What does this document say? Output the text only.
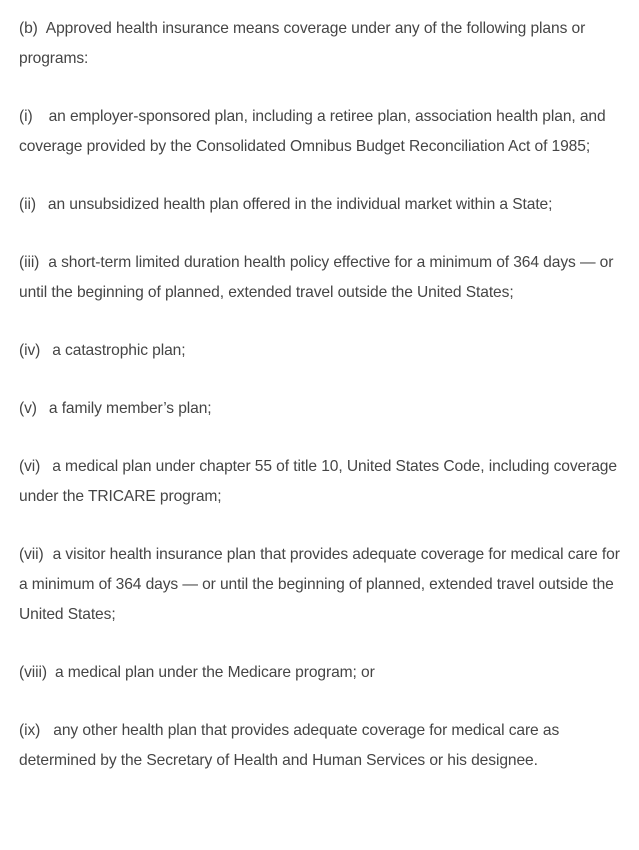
(b) Approved health insurance means coverage under any of the following plans or programs:

(i) an employer-sponsored plan, including a retiree plan, association health plan, and coverage provided by the Consolidated Omnibus Budget Reconciliation Act of 1985;

(ii) an unsubsidized health plan offered in the individual market within a State;

(iii) a short-term limited duration health policy effective for a minimum of 364 days — or until the beginning of planned, extended travel outside the United States;

(iv) a catastrophic plan;

(v) a family member’s plan;

(vi) a medical plan under chapter 55 of title 10, United States Code, including coverage under the TRICARE program;

(vii) a visitor health insurance plan that provides adequate coverage for medical care for a minimum of 364 days — or until the beginning of planned, extended travel outside the United States;

(viii) a medical plan under the Medicare program; or

(ix) any other health plan that provides adequate coverage for medical care as determined by the Secretary of Health and Human Services or his designee.
